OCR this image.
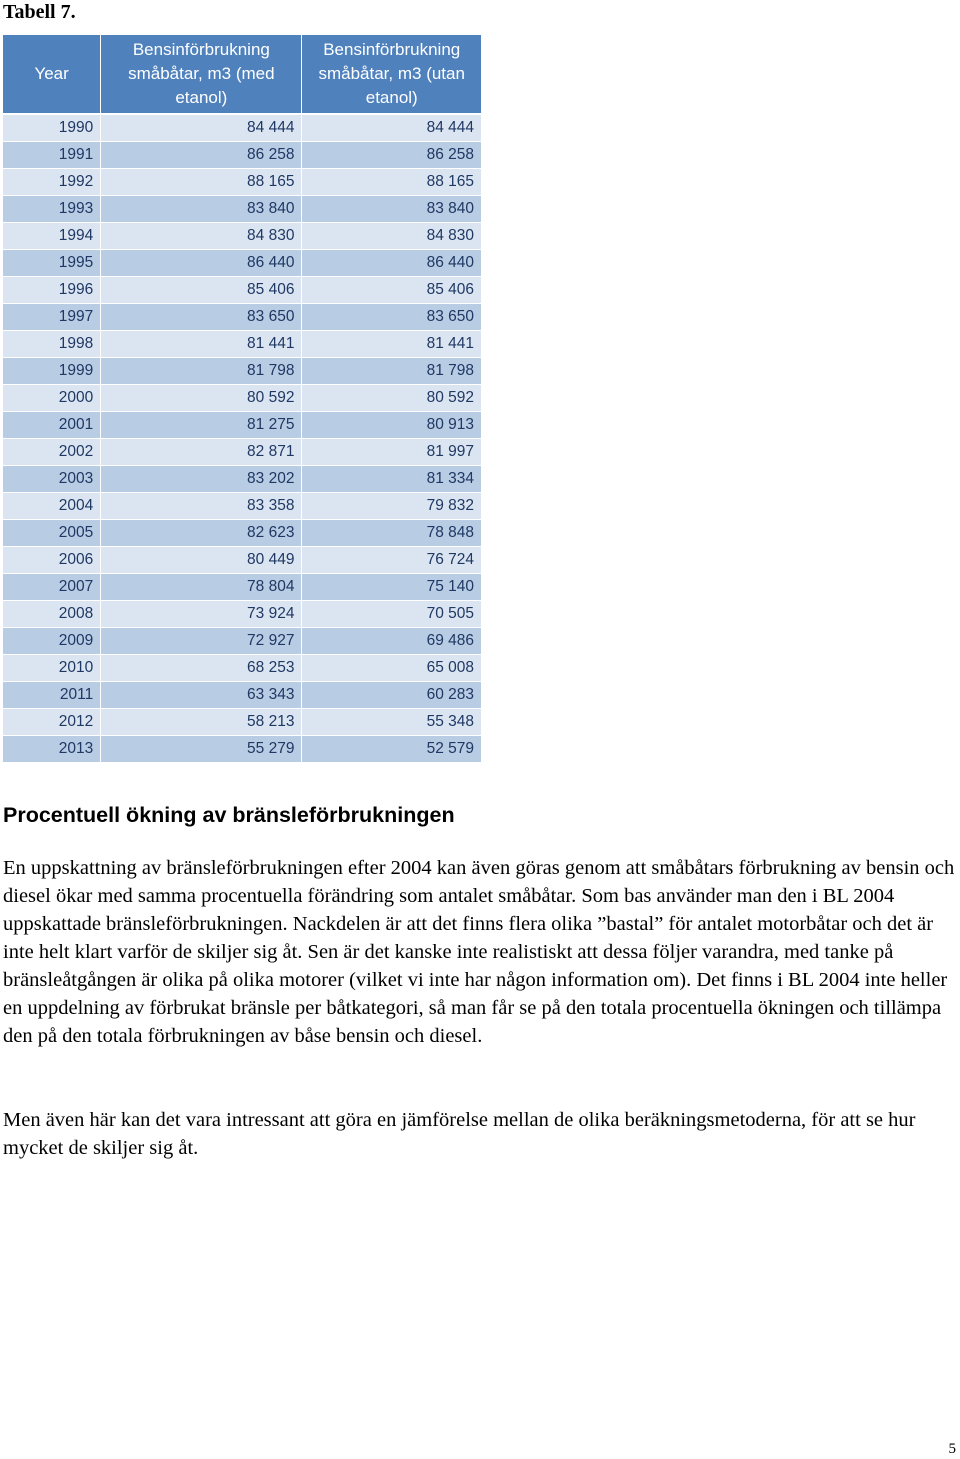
Tabell 7.
Year	Bensinförbrukning småbåtar, m3 (med etanol)	Bensinförbrukning småbåtar, m3 (utan etanol)
1990	84 444	84 444
1991	86 258	86 258
1992	88 165	88 165
1993	83 840	83 840
1994	84 830	84 830
1995	86 440	86 440
1996	85 406	85 406
1997	83 650	83 650
1998	81 441	81 441
1999	81 798	81 798
2000	80 592	80 592
2001	81 275	80 913
2002	82 871	81 997
2003	83 202	81 334
2004	83 358	79 832
2005	82 623	78 848
2006	80 449	76 724
2007	78 804	75 140
2008	73 924	70 505
2009	72 927	69 486
2010	68 253	65 008
2011	63 343	60 283
2012	58 213	55 348
2013	55 279	52 579
Procentuell ökning av bränsleförbrukningen

En uppskattning av bränsleförbrukningen efter 2004 kan även göras genom att småbåtars förbrukning av bensin och diesel ökar med samma procentuella förändring som antalet småbåtar. Som bas använder man den i BL 2004 uppskattade bränsleförbrukningen. Nackdelen är att det finns flera olika ”bastal” för antalet motorbåtar och det är inte helt klart varför de skiljer sig åt. Sen är det kanske inte realistiskt att dessa följer varandra, med tanke på bränsleåtgången är olika på olika motorer (vilket vi inte har någon information om). Det finns i BL 2004 inte heller en uppdelning av förbrukat bränsle per båtkategori, så man får se på den totala procentuella ökningen och tillämpa den på den totala förbrukningen av båse bensin och diesel.

Men även här kan det vara intressant att göra en jämförelse mellan de olika beräkningsmetoderna, för att se hur mycket de skiljer sig åt.

5
